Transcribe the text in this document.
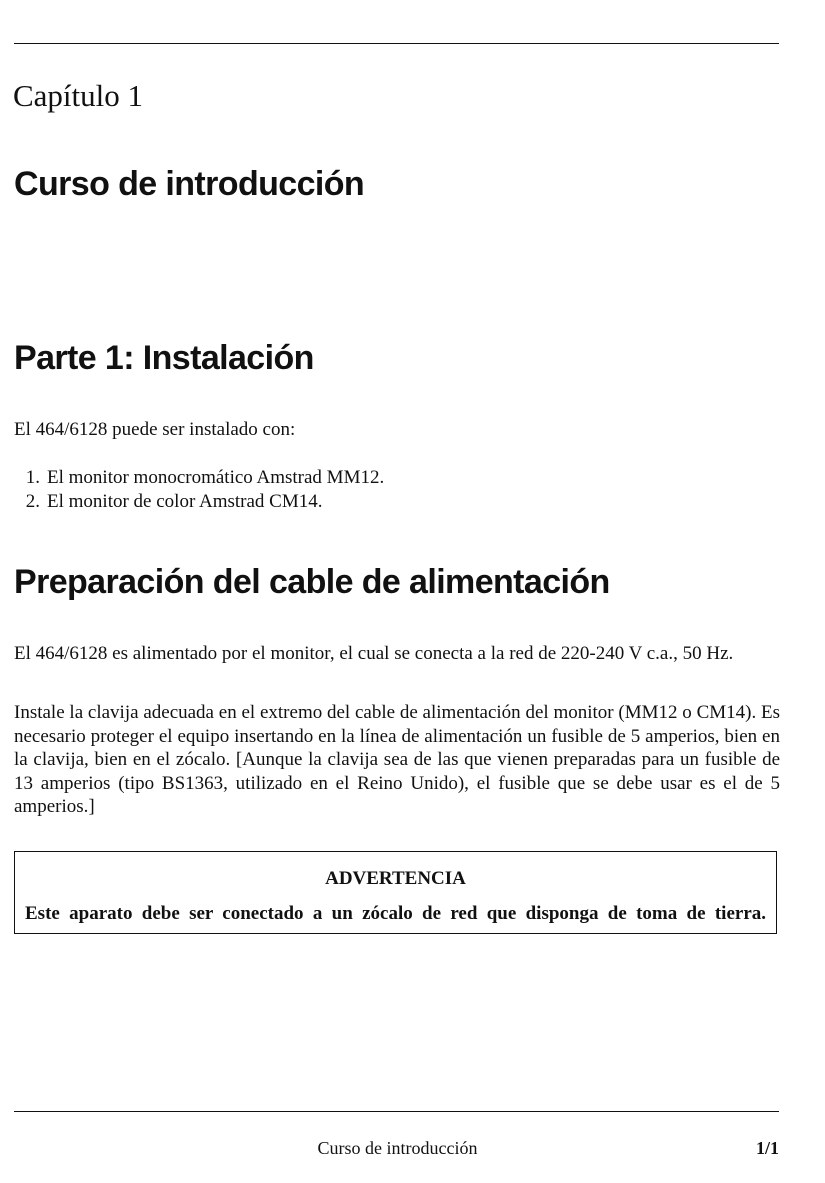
Capítulo 1
Curso de introducción
Parte 1: Instalación

El 464/6128 puede ser instalado con:

1. El monitor monocromático Amstrad MM12.
2. El monitor de color Amstrad CM14.
Preparación del cable de alimentación

El 464/6128 es alimentado por el monitor, el cual se conecta a la red de 220-240 V c.a., 50 Hz.

Instale la clavija adecuada en el extremo del cable de alimentación del monitor (MM12 o CM14). Es necesario proteger el equipo insertando en la línea de alimentación un fusible de 5 amperios, bien en la clavija, bien en el zócalo. [Aunque la clavija sea de las que vienen preparadas para un fusible de 13 amperios (tipo BS1363, utilizado en el Reino Unido), el fusible que se debe usar es el de 5 amperios.]

ADVERTENCIA

Este aparato debe ser conectado a un zócalo de red que disponga de toma de tierra.

Curso de introducción	1/1
